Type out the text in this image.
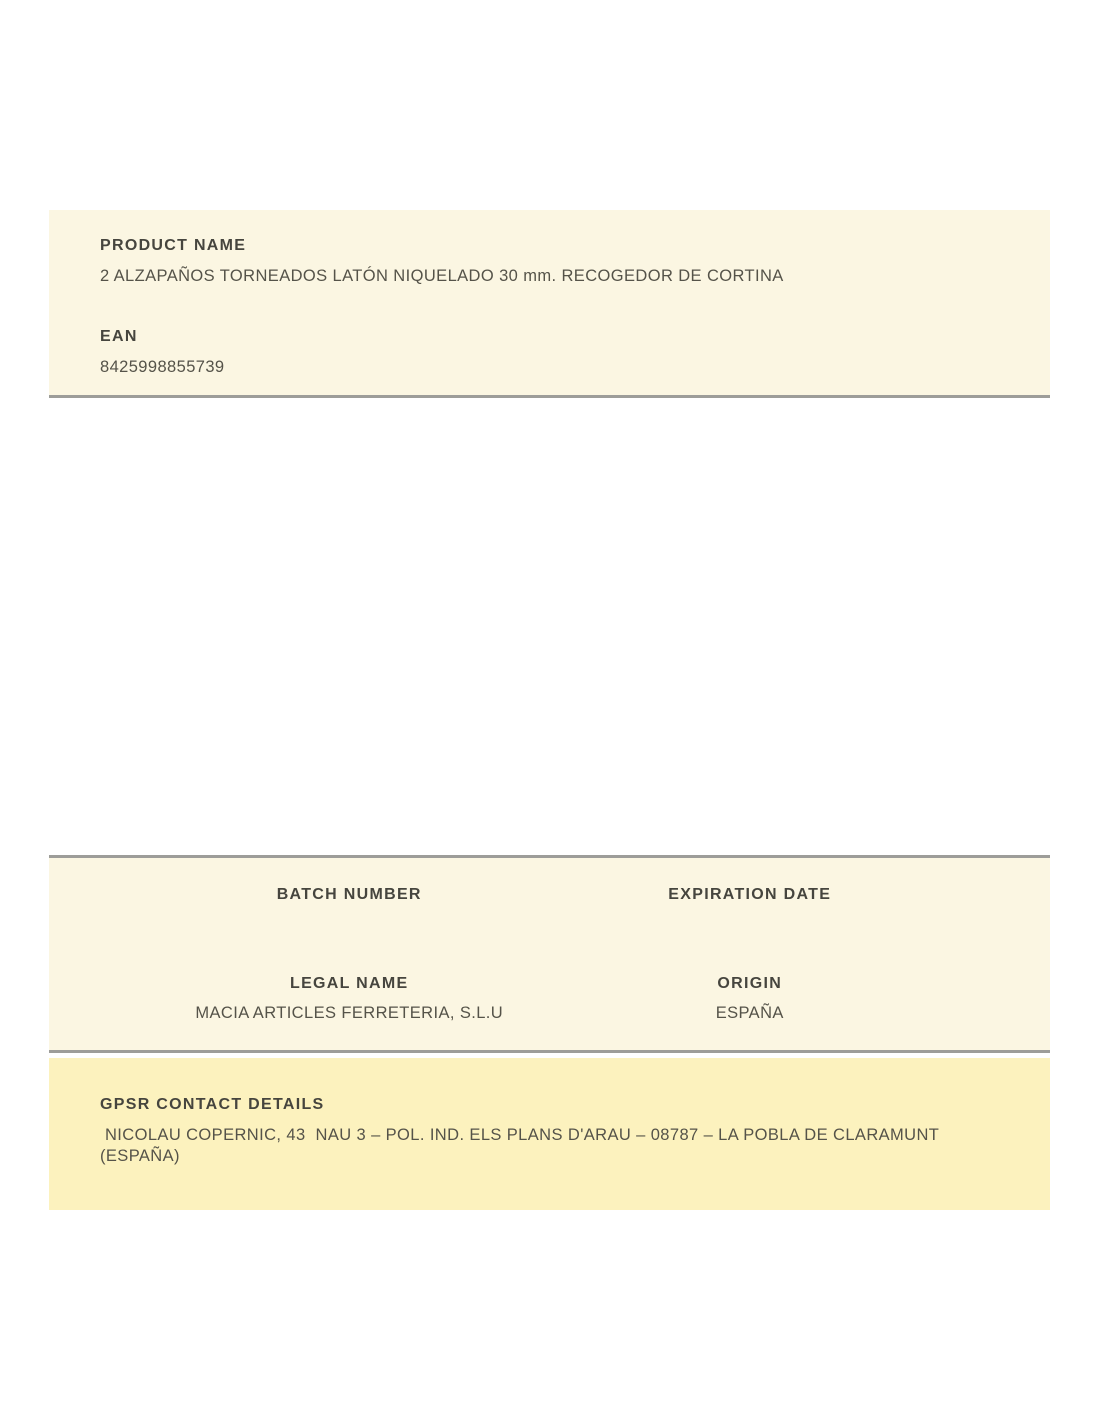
PRODUCT NAME
2 ALZAPAÑOS TORNEADOS LATÓN NIQUELADO 30 mm. RECOGEDOR DE CORTINA
EAN
8425998855739
BATCH NUMBER	EXPIRATION DATE
LEGAL NAME
MACIA ARTICLES FERRETERIA, S.L.U
ORIGIN
ESPAÑA
GPSR CONTACT DETAILS
NICOLAU COPERNIC, 43  NAU 3 – POL. IND. ELS PLANS D'ARAU – 08787 – LA POBLA DE CLARAMUNT (ESPAÑA)
